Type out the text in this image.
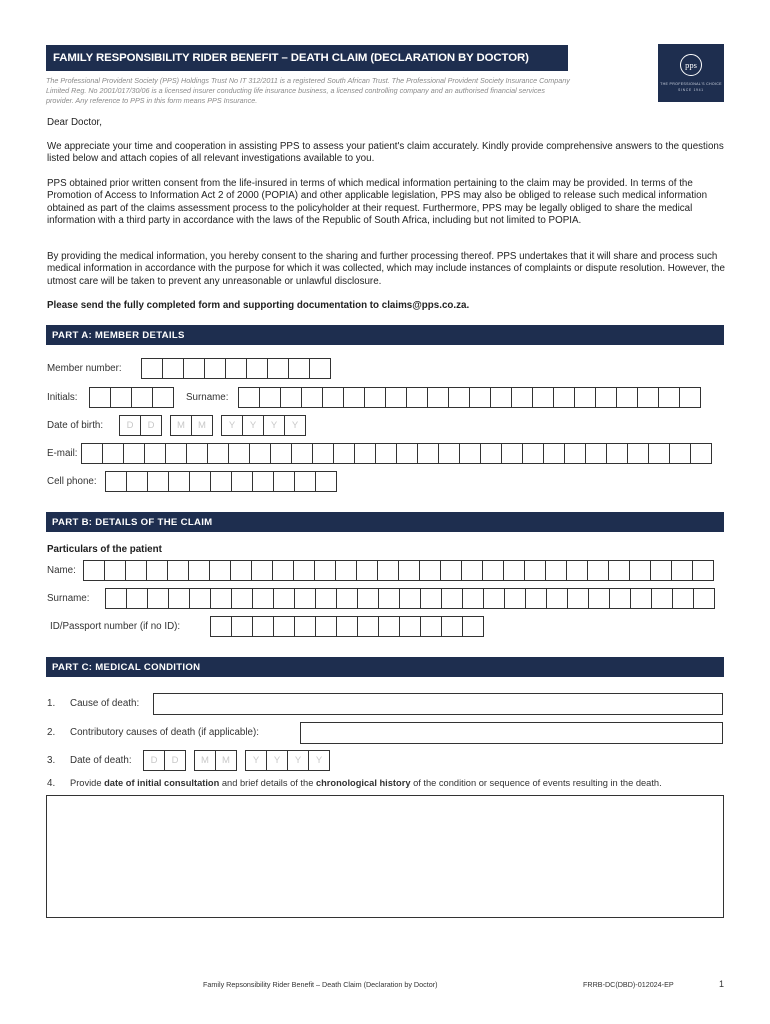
FAMILY RESPONSIBILITY RIDER BENEFIT – DEATH CLAIM (DECLARATION BY DOCTOR)
The Professional Provident Society (PPS) Holdings Trust No IT 312/2011 is a registered South African Trust. The Professional Provident Society Insurance Company Limited Reg. No 2001/017/30/06 is a licensed insurer conducting life insurance business, a licensed controlling company and an authorised financial services provider. Any reference to PPS in this form means PPS Insurance.
pps
THE PROFESSIONAL'S CHOICE
SINCE 1941
Dear Doctor,
We appreciate your time and cooperation in assisting PPS to assess your patient's claim accurately. Kindly provide comprehensive answers to the questions listed below and attach copies of all relevant investigations available to you.
PPS obtained prior written consent from the life-insured in terms of which medical information pertaining to the claim may be provided. In terms of the Promotion of Access to Information Act 2 of 2000 (POPIA) and other applicable legislation, PPS may also be obliged to release such medical information obtained as part of the claims assessment process to the policyholder at their request. Furthermore, PPS may be legally obliged to share the medical information with a third party in accordance with the laws of the Republic of South Africa, including but not limited to POPIA.
By providing the medical information, you hereby consent to the sharing and further processing thereof. PPS undertakes that it will share and process such medical information in accordance with the purpose for which it was collected, which may include instances of complaints or dispute resolution. However, the utmost care will be taken to prevent any unreasonable or unlawful disclosure.
Please send the fully completed form and supporting documentation to claims@pps.co.za.
PART A: MEMBER DETAILS
Member number:
Initials:	Surname:
Date of birth:	D	D	M	M	Y	Y	Y	Y
E-mail:
Cell phone:
PART B: DETAILS OF THE CLAIM
Particulars of the patient
Name:
Surname:
ID/Passport number (if no ID):
PART C: MEDICAL CONDITION
1. Cause of death:
2. Contributory causes of death (if applicable):
3. Date of death:	D	D	M	M	Y	Y	Y	Y
4. Provide date of initial consultation and brief details of the chronological history of the condition or sequence of events resulting in the death.
Family Repsonsibility Rider Benefit – Death Claim (Declaration by Doctor)	FRRB-DC(DBD)-012024-EP	1
